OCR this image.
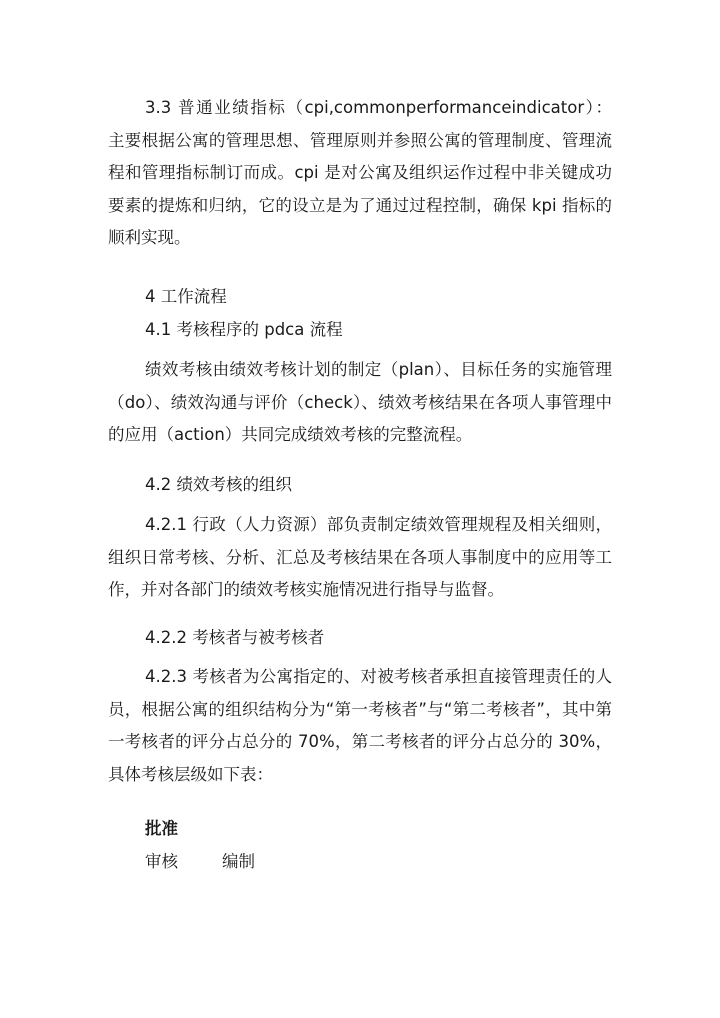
3.3 普通业绩指标（cpi,commonperformanceindicator）：主要根据公寓的管理思想、管理原则并参照公寓的管理制度、管理流程和管理指标制订而成。cpi 是对公寓及组织运作过程中非关键成功要素的提炼和归纳，它的设立是为了通过过程控制，确保 kpi 指标的顺利实现。

4 工作流程

4.1 考核程序的 pdca 流程

绩效考核由绩效考核计划的制定（plan）、目标任务的实施管理（do）、绩效沟通与评价（check）、绩效考核结果在各项人事管理中的应用（action）共同完成绩效考核的完整流程。

4.2 绩效考核的组织

4.2.1 行政（人力资源）部负责制定绩效管理规程及相关细则，组织日常考核、分析、汇总及考核结果在各项人事制度中的应用等工作，并对各部门的绩效考核实施情况进行指导与监督。

4.2.2 考核者与被考核者

4.2.3 考核者为公寓指定的、对被考核者承担直接管理责任的人员，根据公寓的组织结构分为“第一考核者”与“第二考核者”，其中第一考核者的评分占总分的 70%，第二考核者的评分占总分的 30%，具体考核层级如下表：

批准

审核	编制
